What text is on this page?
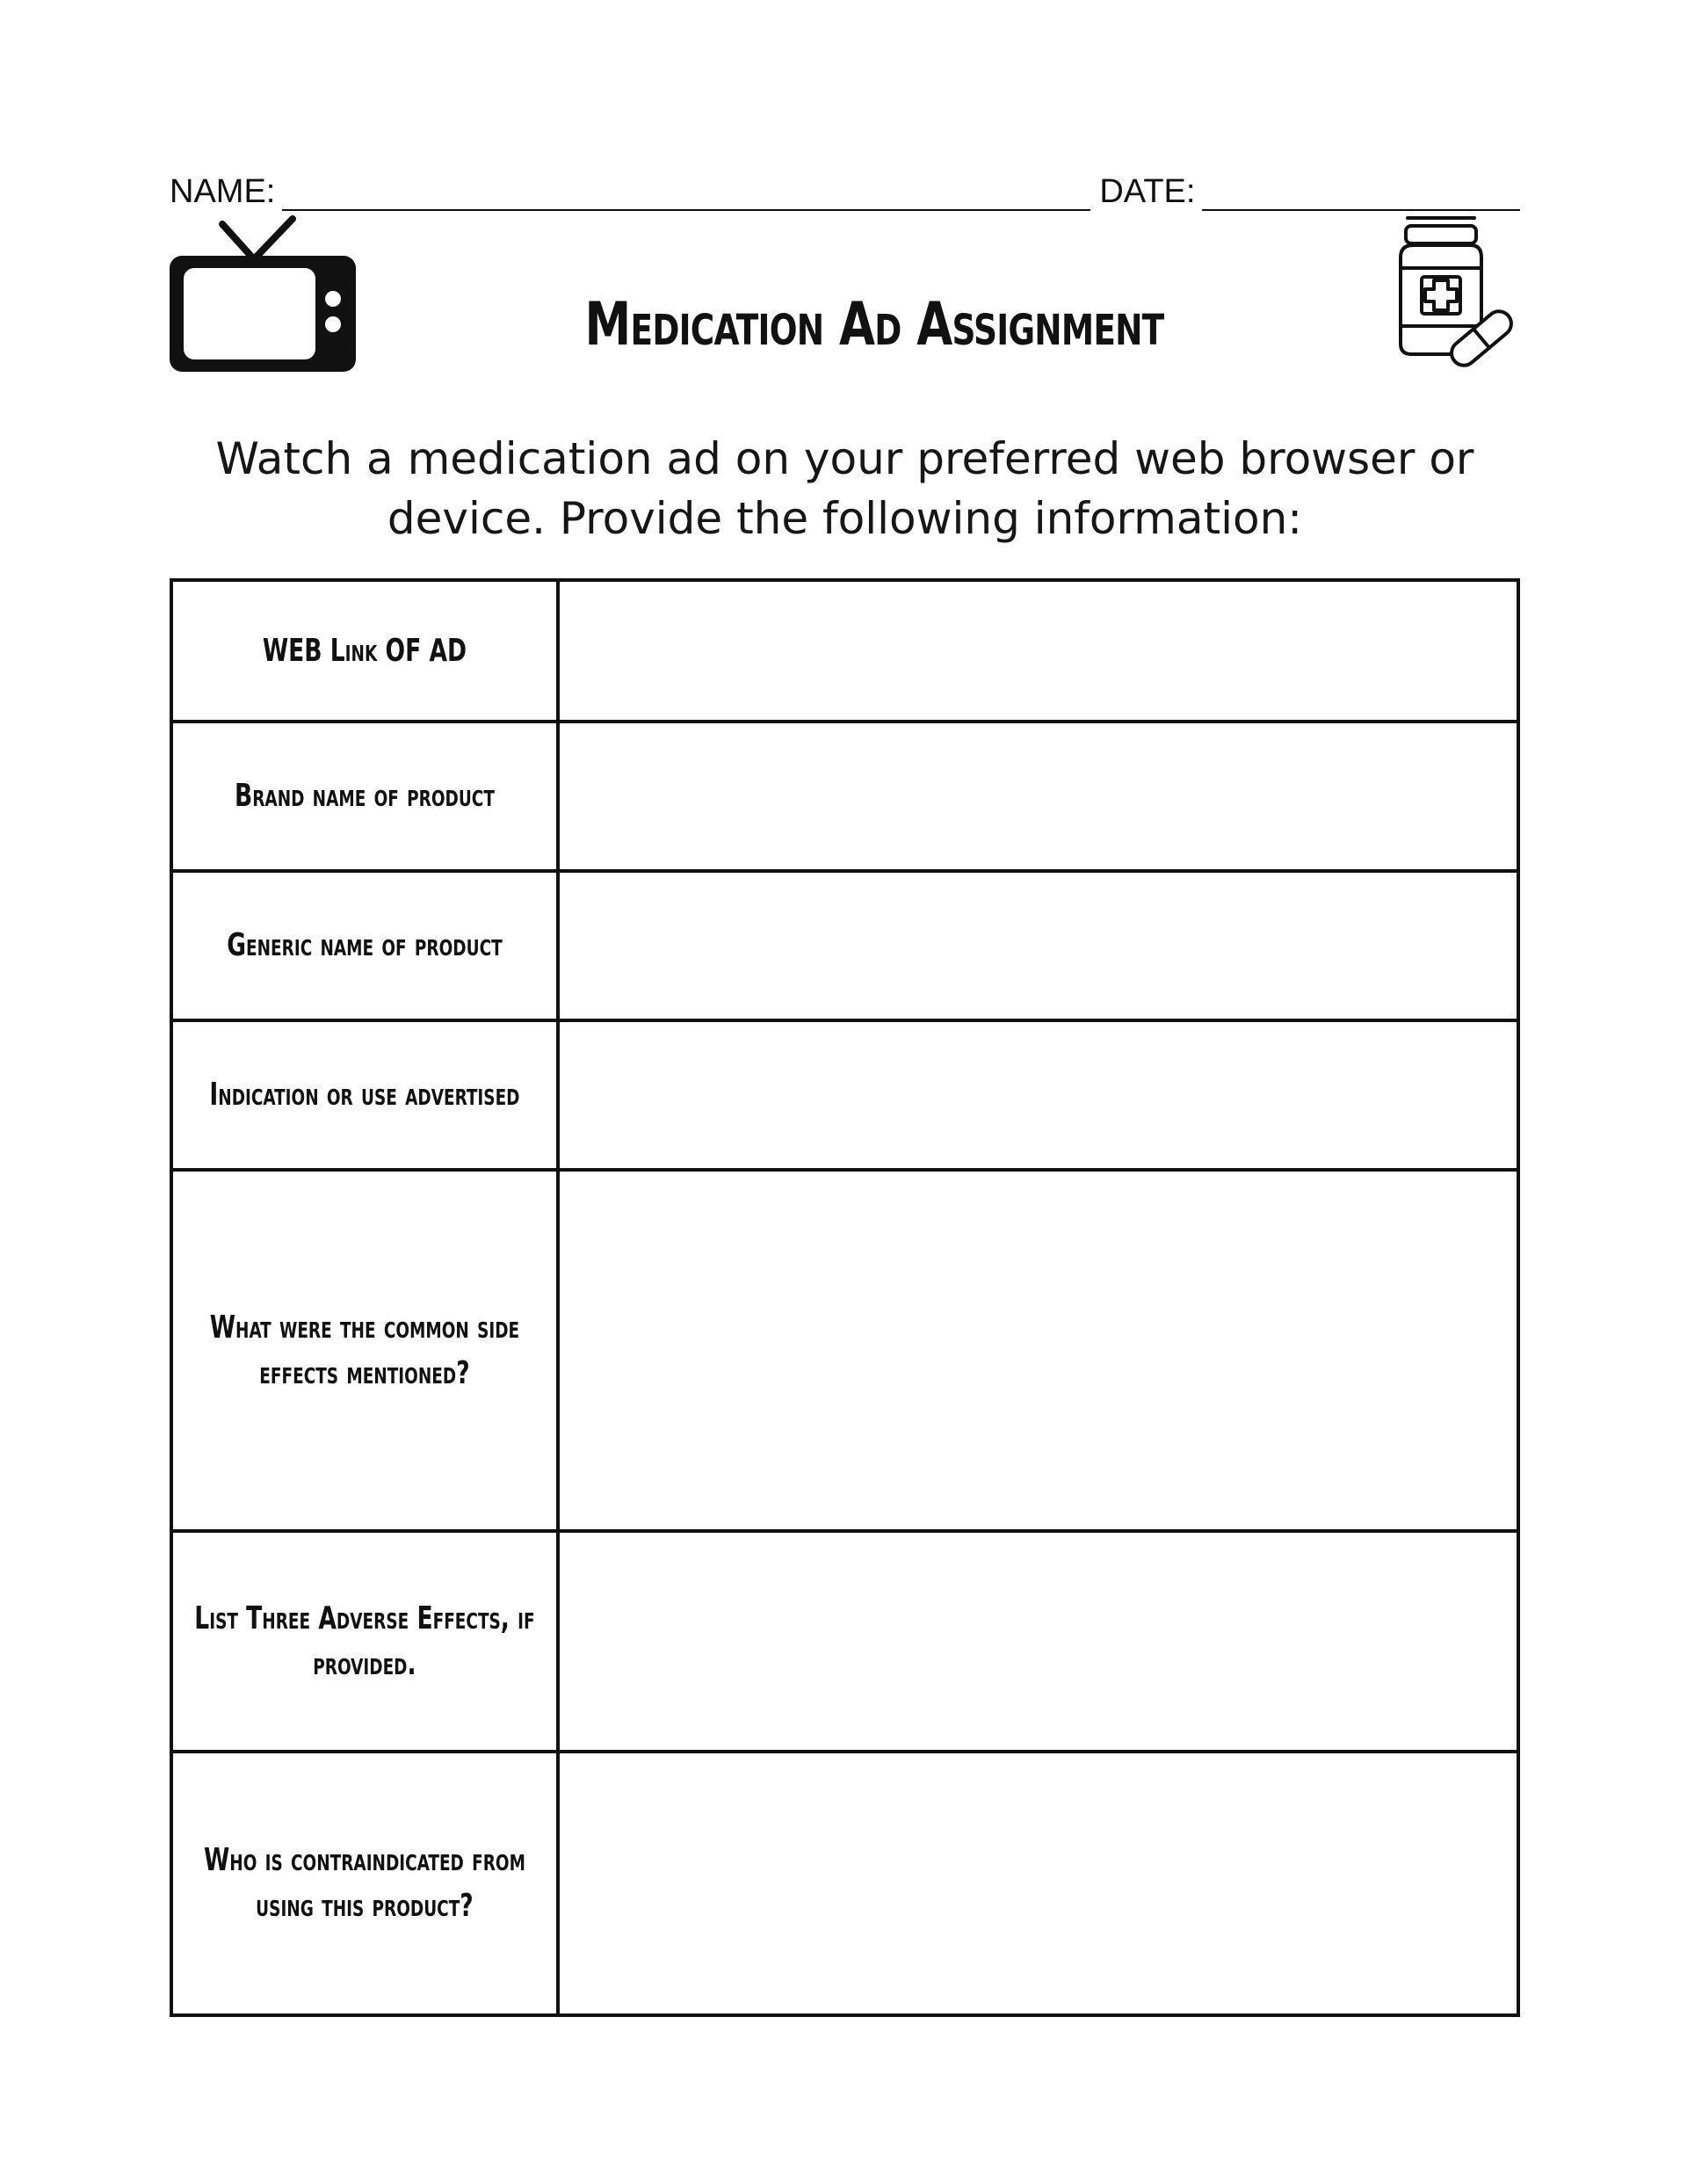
NAME:	DATE:
Medication Ad Assignment
Watch a medication ad on your preferred web browser or device. Provide the following information:
WEB Link OF AD	
Brand name of product	
Generic name of product	
Indication or use advertised	
What were the common side effects mentioned?	
List Three Adverse Effects, if provided.	
Who is contraindicated from using this product?	
